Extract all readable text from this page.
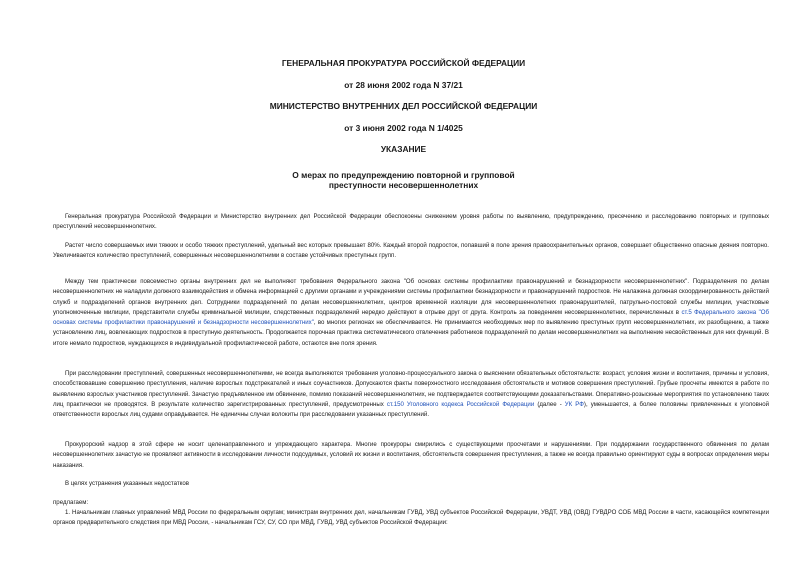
ГЕНЕРАЛЬНАЯ ПРОКУРАТУРА РОССИЙСКОЙ ФЕДЕРАЦИИ
от 28 июня 2002 года N 37/21
МИНИСТЕРСТВО ВНУТРЕННИХ ДЕЛ РОССИЙСКОЙ ФЕДЕРАЦИИ
от 3 июня 2002 года N 1/4025
УКАЗАНИЕ
О мерах по предупреждению повторной и групповой
преступности несовершеннолетних
Генеральная прокуратура Российской Федерации и Министерство внутренних дел Российской Федерации обеспокоены снижением уровня работы по выявлению, предупреждению, пресечению и расследованию повторных и групповых преступлений несовершеннолетних.
Растет число совершаемых ими тяжких и особо тяжких преступлений, удельный вес которых превышает 80%. Каждый второй подросток, попавший в поле зрения правоохранительных органов, совершает общественно опасные деяния повторно. Увеличивается количество преступлений, совершенных несовершеннолетними в составе устойчивых преступных групп.
Между тем практически повсеместно органы внутренних дел не выполняют требования Федерального закона "Об основах системы профилактики правонарушений и безнадзорности несовершеннолетних". Подразделения по делам несовершеннолетних не наладили должного взаимодействия и обмена информацией с другими органами и учреждениями системы профилактики безнадзорности и правонарушений подростков. Не налажена должная скоординированность действий служб и подразделений органов внутренних дел. Сотрудники подразделений по делам несовершеннолетних, центров временной изоляции для несовершеннолетних правонарушителей, патрульно-постовой службы милиции, участковые уполномоченные милиции, представители службы криминальной милиции, следственных подразделений нередко действуют в отрыве друг от друга. Контроль за поведением несовершеннолетних, перечисленных в ст.5 Федерального закона "Об основах системы профилактики правонарушений и безнадзорности несовершеннолетних", во многих регионах не обеспечивается. Не принимается необходимых мер по выявлению преступных групп несовершеннолетних, их разобщению, а также установлению лиц, вовлекающих подростков в преступную деятельность. Продолжается порочная практика систематического отвлечения работников подразделений по делам несовершеннолетних на выполнение несвойственных для них функций. В итоге немало подростков, нуждающихся в индивидуальной профилактической работе, остаются вне поля зрения.
При расследовании преступлений, совершенных несовершеннолетними, не всегда выполняются требования уголовно-процессуального закона о выяснении обязательных обстоятельств: возраст, условия жизни и воспитания, причины и условия, способствовавшие совершению преступления, наличие взрослых подстрекателей и иных соучастников. Допускаются факты поверхностного исследования обстоятельств и мотивов совершения преступлений. Грубые просчеты имеются в работе по выявлению взрослых участников преступлений. Зачастую предъявленное им обвинение, помимо показаний несовершеннолетних, не подтверждается соответствующими доказательствами. Оперативно-розыскные мероприятия по установлению таких лиц практически не проводятся. В результате количество зарегистрированных преступлений, предусмотренных ст.150 Уголовного кодекса Российской Федерации (далее - УК РФ), уменьшается, а более половины привлеченных к уголовной ответственности взрослых лиц судами оправдывается. Не единичны случаи волокиты при расследовании указанных преступлений.
Прокурорский надзор в этой сфере не носит целенаправленного и упреждающего характера. Многие прокуроры смирились с существующими просчетами и нарушениями. При поддержании государственного обвинения по делам несовершеннолетних зачастую не проявляют активности в исследовании личности подсудимых, условий их жизни и воспитания, обстоятельств совершения преступления, а также не всегда правильно ориентируют суды в вопросах определения меры наказания.
В целях устранения указанных недостатков
предлагаем:
1. Начальникам главных управлений МВД России по федеральным округам; министрам внутренних дел, начальникам ГУВД, УВД субъектов Российской Федерации, УВДТ, УВД (ОВД) ГУВДРО СОБ МВД России в части, касающейся компетенции органов предварительного следствия при МВД России, - начальникам ГСУ, СУ, СО при МВД, ГУВД, УВД субъектов Российской Федерации:
